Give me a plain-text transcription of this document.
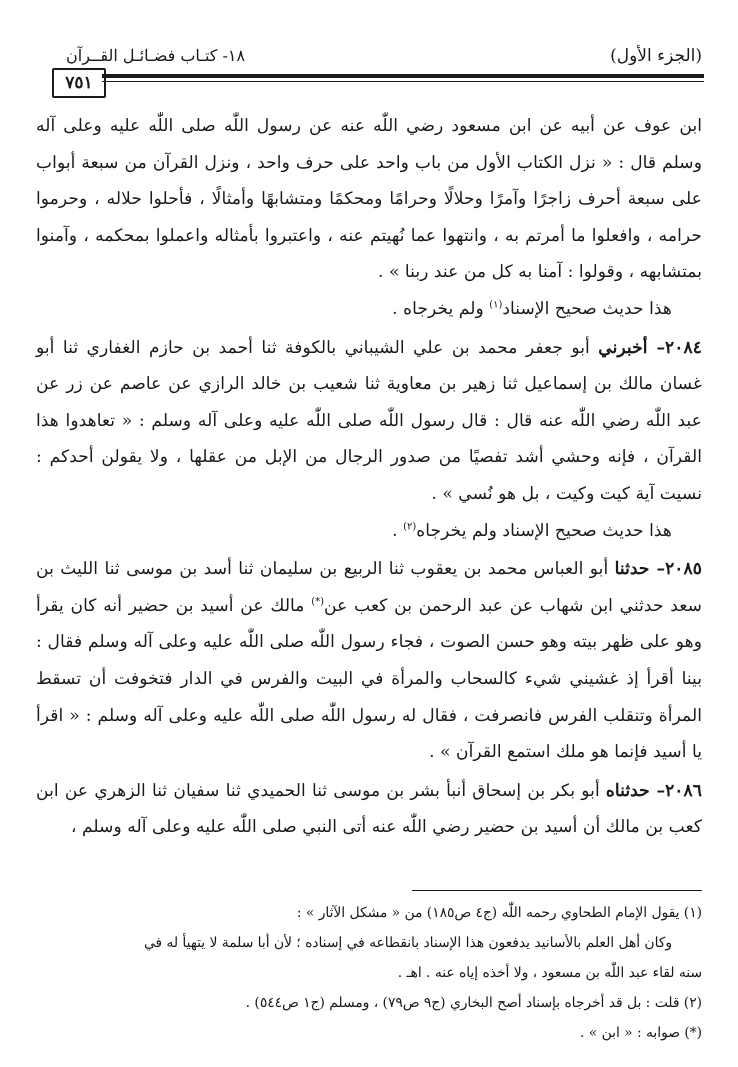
(الجزء الأول)
١٨- كتـاب فضـائـل القــرآن
٧٥١

ابن عوف عن أبيه عن ابن مسعود رضي اللّٰه عنه عن رسول اللّٰه صلى اللّٰه عليه وعلى آله وسلم قال : « نزل الكتاب الأول من باب واحد على حرف واحد ، ونزل القرآن من سبعة أبواب على سبعة أحرف زاجرًا وآمرًا وحلالًا وحرامًا ومحكمًا ومتشابهًا وأمثالًا ، فأحلوا حلاله ، وحرموا حرامه ، وافعلوا ما أمرتم به ، وانتهوا عما نُهيتم عنه ، واعتبروا بأمثاله واعملوا بمحكمه ، وآمنوا بمتشابهه ، وقولوا : آمنا به كل من عند ربنا » .

هذا حديث صحيح الإسناد$^{(١)}$ ولم يخرجاه .

٢٠٨٤– أخبرني أبو جعفر محمد بن علي الشيباني بالكوفة ثنا أحمد بن حازم الغفاري ثنا أبو غسان مالك بن إسماعيل ثنا زهير بن معاوية ثنا شعيب بن خالد الرازي عن عاصم عن زر عن عبد اللّٰه رضي اللّٰه عنه قال : قال رسول اللّٰه صلى اللّٰه عليه وعلى آله وسلم : « تعاهدوا هذا القرآن ، فإنه وحشي أشد تفصيًا من صدور الرجال من الإبل من عقلها ، ولا يقولن أحدكم : نسيت آية كيت وكيت ، بل هو نُسي » .

هذا حديث صحيح الإسناد ولم يخرجاه$^{(٢)}$ .

٢٠٨٥– حدثنا أبو العباس محمد بن يعقوب ثنا الربيع بن سليمان ثنا أسد بن موسى ثنا الليث بن سعد حدثني ابن شهاب عن عبد الرحمن بن كعب عن(*) مالك عن أسيد بن حضير أنه كان يقرأ وهو على ظهر بيته وهو حسن الصوت ، فجاء رسول اللّٰه صلى اللّٰه عليه وعلى آله وسلم فقال : بينا أقرأ إذ غشيني شيء كالسحاب والمرأة في البيت والفرس في الدار فتخوفت أن تسقط المرأة وتنقلب الفرس فانصرفت ، فقال له رسول اللّٰه صلى اللّٰه عليه وعلى آله وسلم : « اقرأ يا أسيد فإنما هو ملك استمع القرآن » .

٢٠٨٦– حدثناه أبو بكر بن إسحاق أنبأ بشر بن موسى ثنا الحميدي ثنا سفيان ثنا الزهري عن ابن كعب بن مالك أن أسيد بن حضير رضي اللّٰه عنه أتى النبي صلى اللّٰه عليه وعلى آله وسلم ،

(١) يقول الإمام الطحاوي رحمه اللّٰه (ج٤ ص١٨٥) من « مشكل الآثار » :

وكان أهل العلم بالأسانيد يدفعون هذا الإسناد بانقطاعه في إسناده ؛ لأن أبا سلمة لا يتهيأ له في

سنه لقاء عبد اللّٰه بن مسعود ، ولا أخذه إياه عنه . اهـ .

(٢) قلت : بل قد أخرجاه بإسناد أصح البخاري (ج٩ ص٧٩) ، ومسلم (ج١ ص٥٤٤) .

(*) صوابه : « ابن » .
